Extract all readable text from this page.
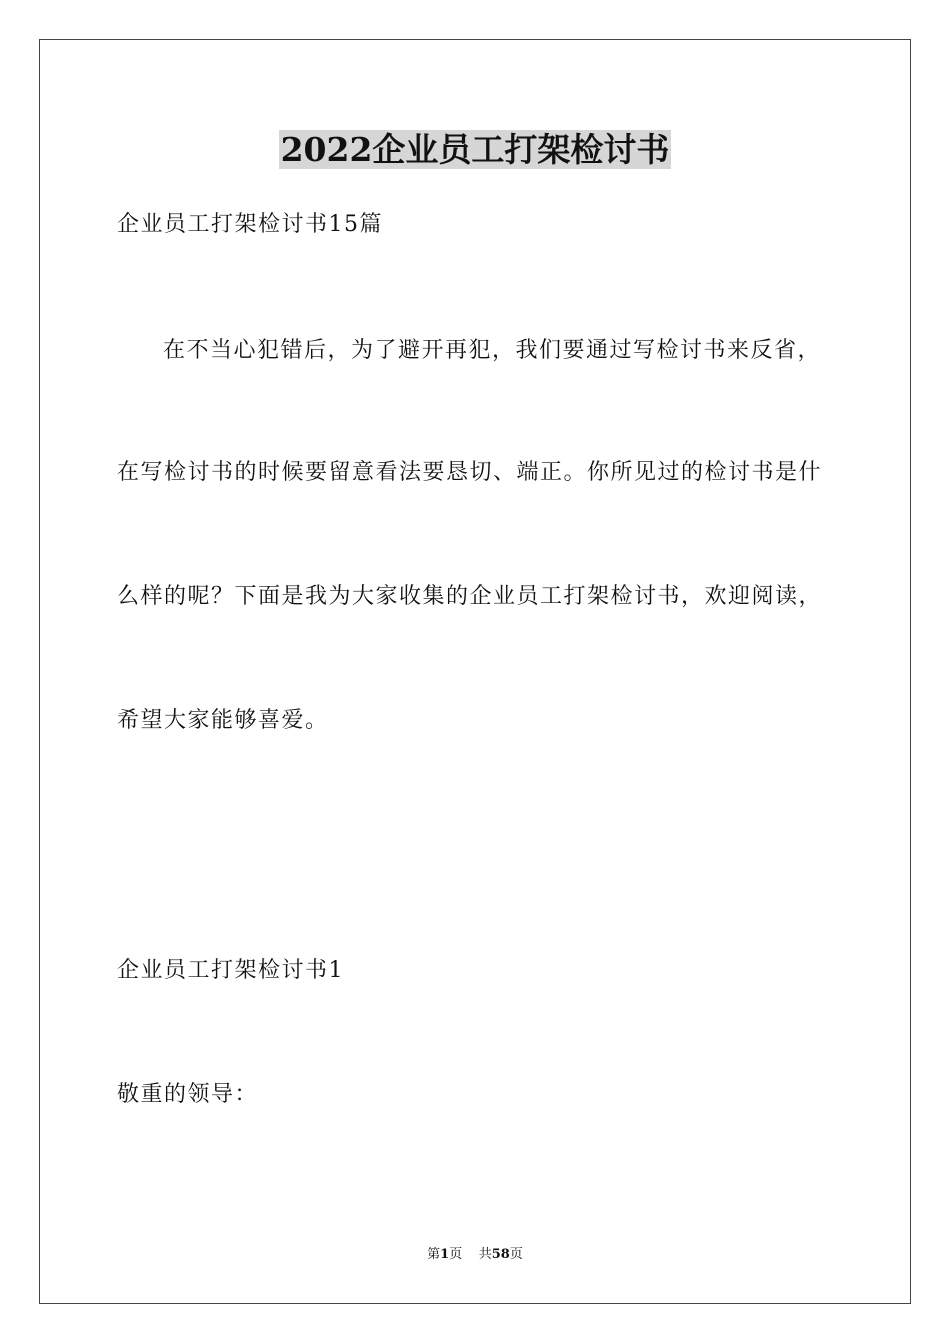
2022企业员工打架检讨书
企业员工打架检讨书15篇
在不当心犯错后，为了避开再犯，我们要通过写检讨书来反省，
在写检讨书的时候要留意看法要恳切、端正。你所见过的检讨书是什
么样的呢？下面是我为大家收集的企业员工打架检讨书，欢迎阅读，
希望大家能够喜爱。
企业员工打架检讨书1
敬重的领导：
第1页 共58页
